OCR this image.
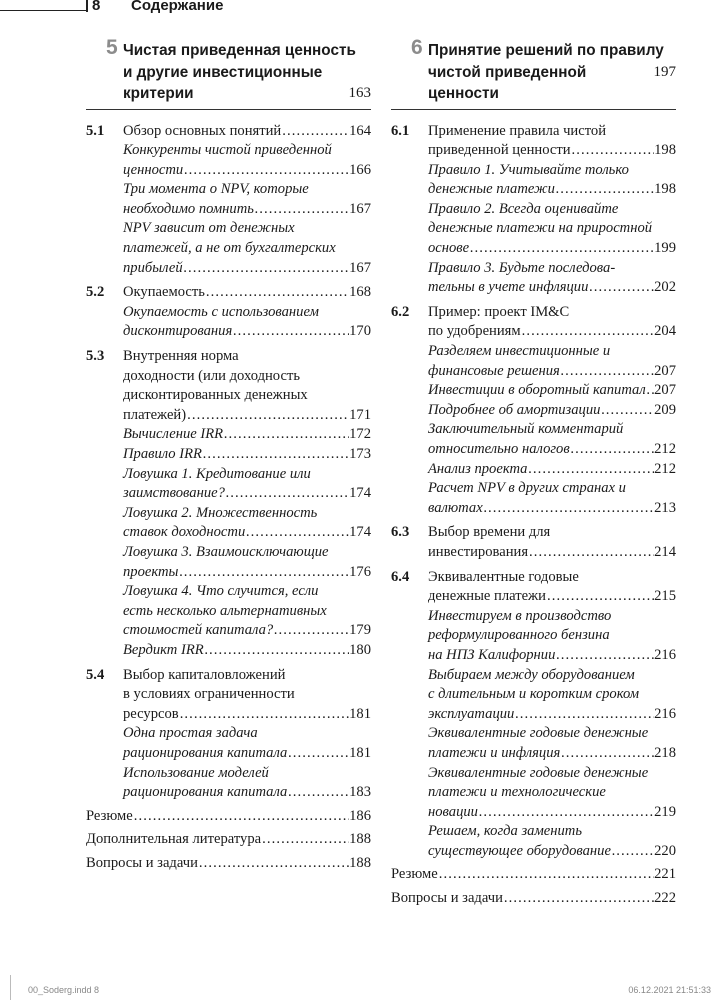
8 Содержание
5 Чистая приведенная ценность
и другие инвестиционные
критерии	163
5.1 Обзор основных понятий .....	164
Конкуренты чистой приведенной
ценности .....	166
Три момента о NPV, которые
необходимо помнить .....	167
NPV зависит от денежных
платежей, а не от бухгалтерских
прибылей .....	167
5.2 Окупаемость .....	168
Окупаемость с использованием
дисконтирования .....	170
5.3 Внутренняя норма
доходности (или доходность
дисконтированных денежных
платежей) .....	171
Вычисление IRR .....	172
Правило IRR .....	173
Ловушка 1. Кредитование или
заимствование? .....	174
Ловушка 2. Множественность
ставок доходности .....	174
Ловушка 3. Взаимоисключающие
проекты .....	176
Ловушка 4. Что случится, если
есть несколько альтернативных
стоимостей капитала? .....	179
Вердикт IRR .....	180
5.4 Выбор капиталовложений
в условиях ограниченности
ресурсов .....	181
Одна простая задача
рационирования капитала .....	181
Использование моделей
рационирования капитала .....	183
Резюме .....	186
Дополнительная литература .....	188
Вопросы и задачи .....	188
6 Принятие решений по правилу
чистой приведенной ценности
197
6.1 Применение правила чистой
приведенной ценности .....	198
Правило 1. Учитывайте только
денежные платежи .....	198
Правило 2. Всегда оценивайте
денежные платежи на приростной
основе .....	199
Правило 3. Будьте последова-
тельны в учете инфляции .....	202
6.2 Пример: проект IM&C
по удобрениям .....	204
Разделяем инвестиционные и
финансовые решения .....	207
Инвестиции в оборотный капитал ..... 207
Подробнее об амортизации .....	209
Заключительный комментарий
относительно налогов .....	212
Анализ проекта .....	212
Расчет NPV в других странах и
валютах .....	213
6.3 Выбор времени для
инвестирования .....	214
6.4 Эквивалентные годовые
денежные платежи .....	215
Инвестируем в производство
реформулированного бензина
на НПЗ Калифорнии .....	216
Выбираем между оборудованием
с длительным и коротким сроком
эксплуатации .....	216
Эквивалентные годовые денежные
платежи и инфляция .....	218
Эквивалентные годовые денежные
платежи и технологические
новации .....	219
Решаем, когда заменить
существующее оборудование .....	220
Резюме .....	221
Вопросы и задачи .....	222
00_Soderg.indd 8	06.12.2021 21:51:33
